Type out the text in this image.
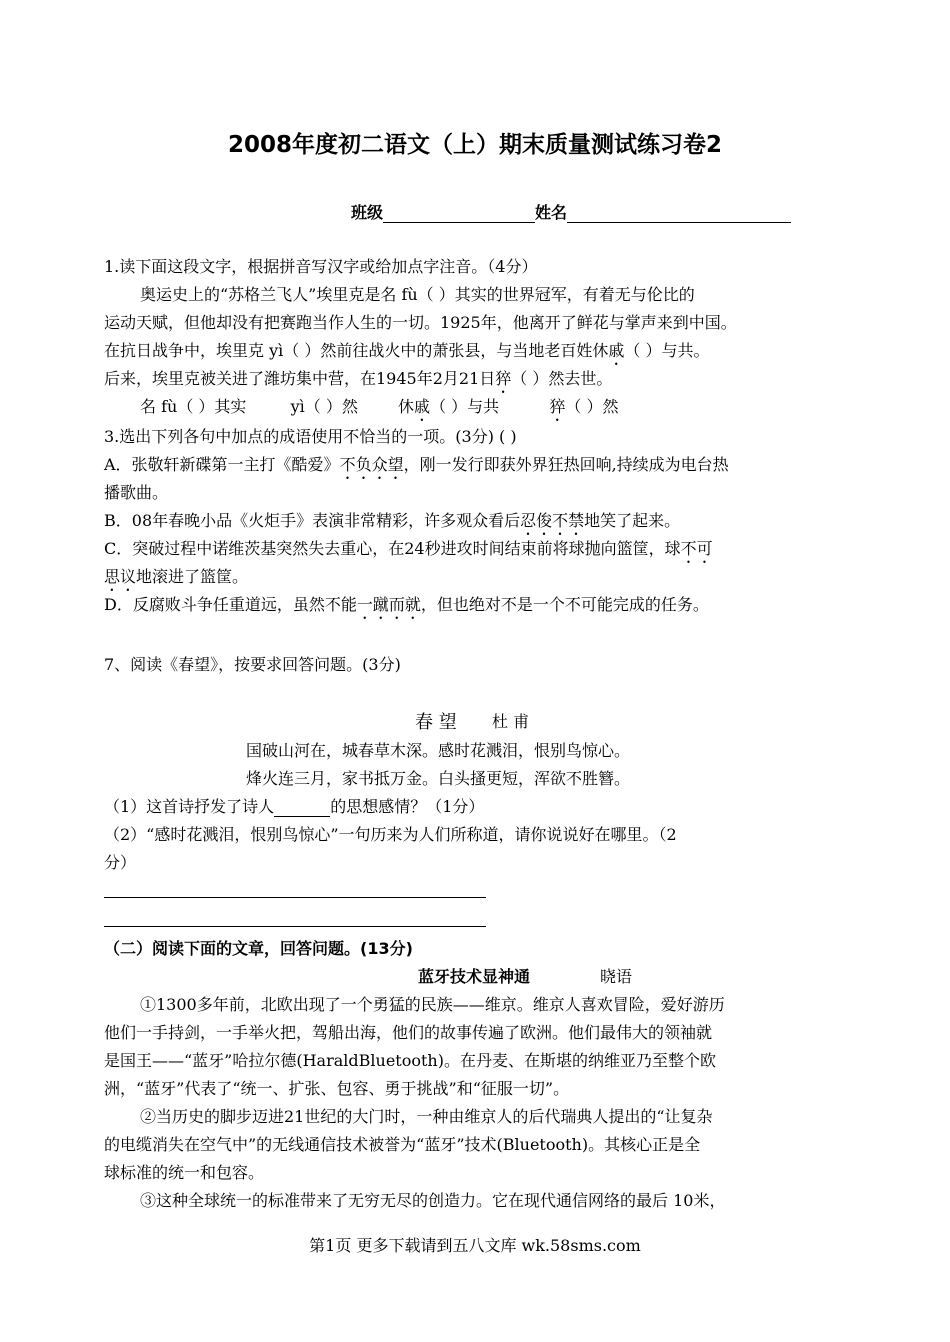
2008年度初二语文（上）期末质量测试练习卷2
班级	姓名
1.读下面这段文字，根据拼音写汉字或给加点字注音。（4分）
奥运史上的“苏格兰飞人”埃里克是名 fù（ ）其实的世界冠军，有着无与伦比的
运动天赋，但他却没有把赛跑当作人生的一切。1925年，他离开了鲜花与掌声来到中国。
在抗日战争中，埃里克 yì（ ）然前往战火中的萧张县，与当地老百姓休戚（ ）与共。
后来，埃里克被关进了潍坊集中营，在1945年2月21日猝（ ）然去世。
名 fù（ ）其实	yì（ ）然	休戚（ ）与共	猝（ ）然
3.选出下列各句中加点的成语使用不恰当的一项。(3分) ( )
A．张敬轩新碟第一主打《酷爱》不负众望，刚一发行即获外界狂热回响,持续成为电台热
播歌曲。
B．08年春晚小品《火炬手》表演非常精彩，许多观众看后忍俊不禁地笑了起来。
C．突破过程中诺维茨基突然失去重心，在24秒进攻时间结束前将球抛向篮筐，球不可
思议地滚进了篮筐。
D．反腐败斗争任重道远，虽然不能一蹴而就，但也绝对不是一个不可能完成的任务。
7、阅读《春望》，按要求回答问题。(3分)
春 望 杜 甫
国破山河在，城春草木深。感时花溅泪，恨别鸟惊心。
烽火连三月，家书抵万金。白头搔更短，浑欲不胜簪。
（1）这首诗抒发了诗人	的思想感情？（1分）
（2）“感时花溅泪，恨别鸟惊心”一句历来为人们所称道，请你说说好在哪里。（2
分）
（二）阅读下面的文章，回答问题。(13分)
蓝牙技术显神通	晓语
①1300多年前，北欧出现了一个勇猛的民族——维京。维京人喜欢冒险，爱好游历
他们一手持剑，一手举火把，驾船出海，他们的故事传遍了欧洲。他们最伟大的领袖就
是国王——“蓝牙”哈拉尔德(HaraldBluetooth)。在丹麦、在斯堪的纳维亚乃至整个欧
洲，“蓝牙”代表了“统一、扩张、包容、勇于挑战”和“征服一切”。
②当历史的脚步迈进21世纪的大门时，一种由维京人的后代瑞典人提出的“让复杂
的电缆消失在空气中”的无线通信技术被誉为“蓝牙”技术(Bluetooth)。其核心正是全
球标准的统一和包容。
③这种全球统一的标准带来了无穷无尽的创造力。它在现代通信网络的最后 10米，
第1页 更多下载请到五八文库 wk.58sms.com
